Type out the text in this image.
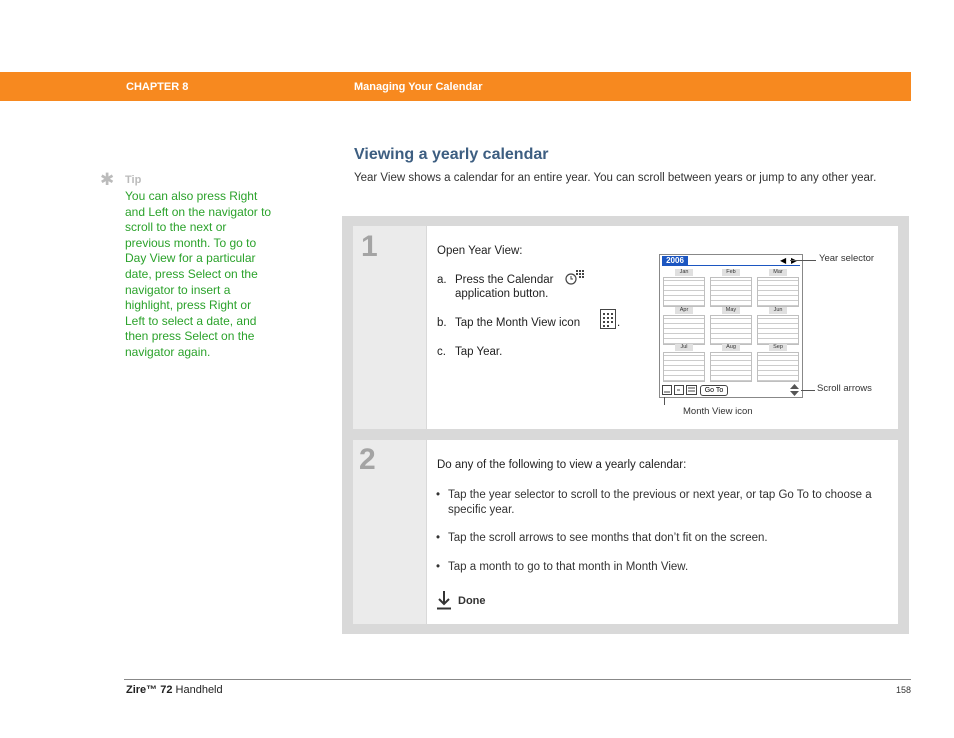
CHAPTER 8	Managing Your Calendar
✱ Tip
You can also press Right and Left on the navigator to scroll to the next or previous month. To go to Day View for a particular date, press Select on the navigator to insert a highlight, press Right or Left to select a date, and then press Select on the navigator again.
Viewing a yearly calendar
Year View shows a calendar for an entire year. You can scroll between years or jump to any other year.
1	Open Year View:
a. Press the Calendar
application button.
b. Tap the Month View icon	.
c. Tap Year.
2006	◀
Jan	Feb	Mar
Apr	May	Jun
Jul	Aug	Sep
Go To
Year selector
Scroll arrows
Month View icon
2	Do any of the following to view a yearly calendar:
• Tap the year selector to scroll to the previous or next year, or tap Go To to choose a specific year.
• Tap the scroll arrows to see months that don’t fit on the screen.
• Tap a month to go to that month in Month View.
Done
Zire™ 72 Handheld	158
